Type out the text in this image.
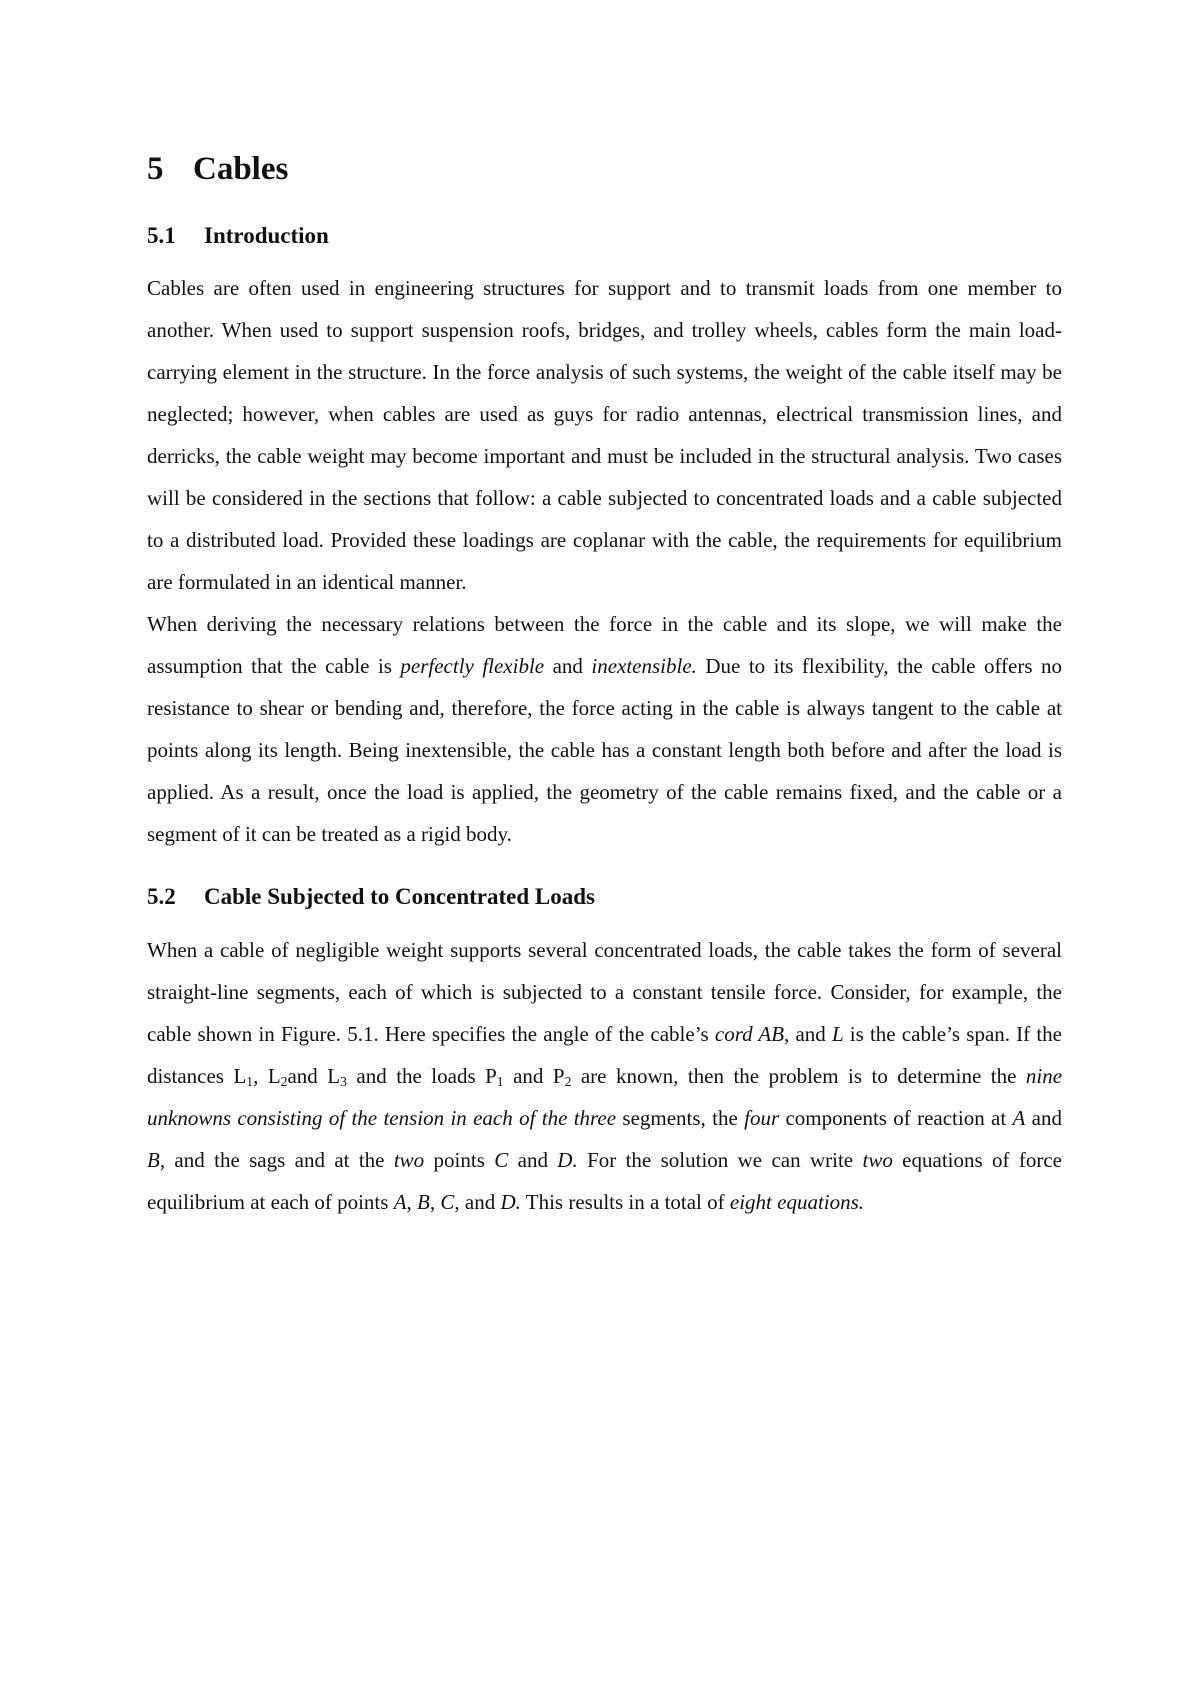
5 Cables
5.1 Introduction

Cables are often used in engineering structures for support and to transmit loads from one member to another. When used to support suspension roofs, bridges, and trolley wheels, cables form the main load-carrying element in the structure. In the force analysis of such systems, the weight of the cable itself may be neglected; however, when cables are used as guys for radio antennas, electrical transmission lines, and derricks, the cable weight may become important and must be included in the structural analysis. Two cases will be considered in the sections that follow: a cable subjected to concentrated loads and a cable subjected to a distributed load. Provided these loadings are coplanar with the cable, the requirements for equilibrium are formulated in an identical manner.

When deriving the necessary relations between the force in the cable and its slope, we will make the assumption that the cable is perfectly flexible and inextensible. Due to its flexibility, the cable offers no resistance to shear or bending and, therefore, the force acting in the cable is always tangent to the cable at points along its length. Being inextensible, the cable has a constant length both before and after the load is applied. As a result, once the load is applied, the geometry of the cable remains fixed, and the cable or a segment of it can be treated as a rigid body.

5.2 Cable Subjected to Concentrated Loads

When a cable of negligible weight supports several concentrated loads, the cable takes the form of several straight-line segments, each of which is subjected to a constant tensile force. Consider, for example, the cable shown in Figure. 5.1. Here specifies the angle of the cable’s cord AB, and L is the cable’s span. If the distances $L_1$, $L_2and$ $L_3$ and the loads $P_1$ and $P_2$ are known, then the problem is to determine the nine unknowns consisting of the tension in each of the three segments, the four components of reaction at A and B, and the sags and at the two points C and D. For the solution we can write two equations of force equilibrium at each of points A, B, C, and D. This results in a total of eight equations.
